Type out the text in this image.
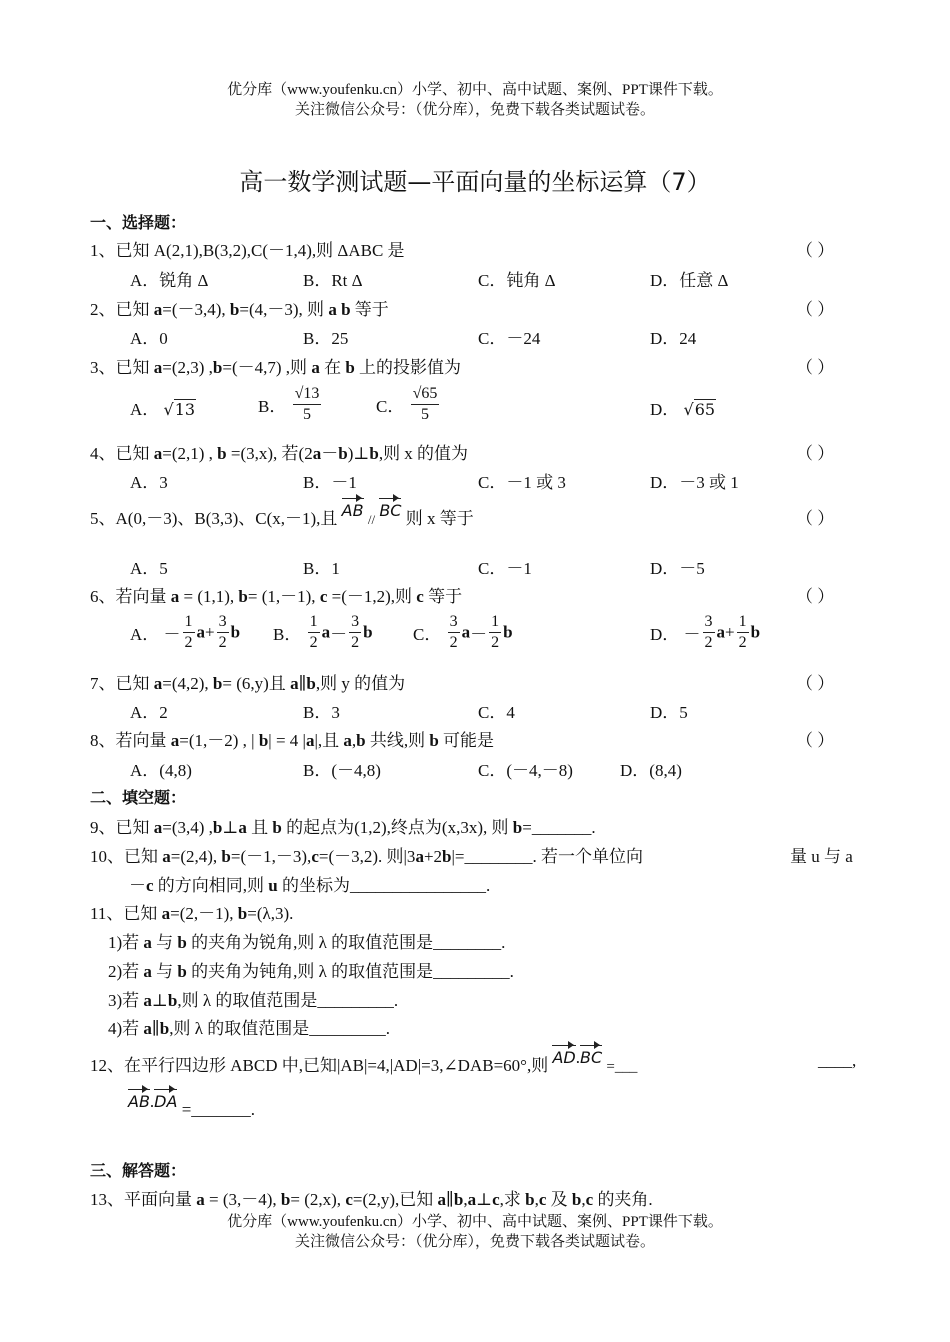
优分库（www.youfenku.cn）小学、初中、高中试题、案例、PPT课件下载。
关注微信公众号：（优分库），免费下载各类试题试卷。
高一数学测试题—平面向量的坐标运算（7）
一、选择题：
1、已知 A(2,1),B(3,2),C(－1,4),则 ΔABC 是	（ ）
A．锐角 Δ	B．Rt Δ	C．钝角 Δ	D．任意 Δ
2、已知 a=(－3,4), b=(4,－3), 则 a b 等于	（ ）
A．0	B．25	C．－24	D．24
3、已知 a=(2,3) ,b=(－4,7) ,则 a 在 b 上的投影值为	（ ）
A． √13	B． $\frac{√13}{5}$	C． $\frac{√65}{5}$	D． √65
4、已知 a=(2,1) , b =(3,x), 若(2a－b)⊥b,则 x 的值为	（ ）
A．3	B．－1	C．－1 或 3	D．－3 或 1
5、A(0,－3)、B(3,3)、C(x,－1),且 AB // BC 则 x 等于	（ ）
A．5	B．1	C．－1	D．－5
6、若向量 a = (1,1), b= (1,－1), c =(－1,2),则 c 等于	（ ）
A． － $\frac{1}{2} a+ \frac{3}{2}$ b B． $\frac{1}{2} a- \frac{3}{2}$ b C． $\frac{3}{2} a- \frac{1}{2}$ b	D． － $\frac{3}{2} a+ \frac{1}{2}$ b
7、已知 a=(4,2), b= (6,y)且 a∥b,则 y 的值为	（ ）
A．2	B．3	C．4	D．5
8、若向量 a=(1,－2) , | b| = 4 |a|,且 a,b 共线,则 b 可能是	（ ）
A．(4,8)	B．(－4,8)	C．(－4,－8)	D．(8,4)
二、填空题：
9、已知 a=(3,4) ,b⊥a 且 b 的起点为(1,2),终点为(x,3x), 则 b=_______.
10、已知 a=(2,4), b=(－1,－3),c=(－3,2). 则|3a+2b|=________. 若一个单位向	量 u 与 a
－c 的方向相同,则 u 的坐标为________________.
11、已知 a=(2,－1), b=(λ,3).
1)若 a 与 b 的夹角为锐角,则 λ 的取值范围是________.
2)若 a 与 b 的夹角为钝角,则 λ 的取值范围是_________.
3)若 a⊥b,则 λ 的取值范围是_________.
4)若 a∥b,则 λ 的取值范围是_________.
12、在平行四边形 ABCD 中,已知|AB|=4,|AD|=3,∠DAB=60°,则 AD.BC =___	____,
AB.DA =_______.
三、解答题：
13、平面向量 a = (3,－4), b= (2,x), c=(2,y),已知 a∥b,a⊥c,求 b,c 及 b,c 的夹角.
优分库（www.youfenku.cn）小学、初中、高中试题、案例、PPT课件下载。
关注微信公众号：（优分库），免费下载各类试题试卷。
